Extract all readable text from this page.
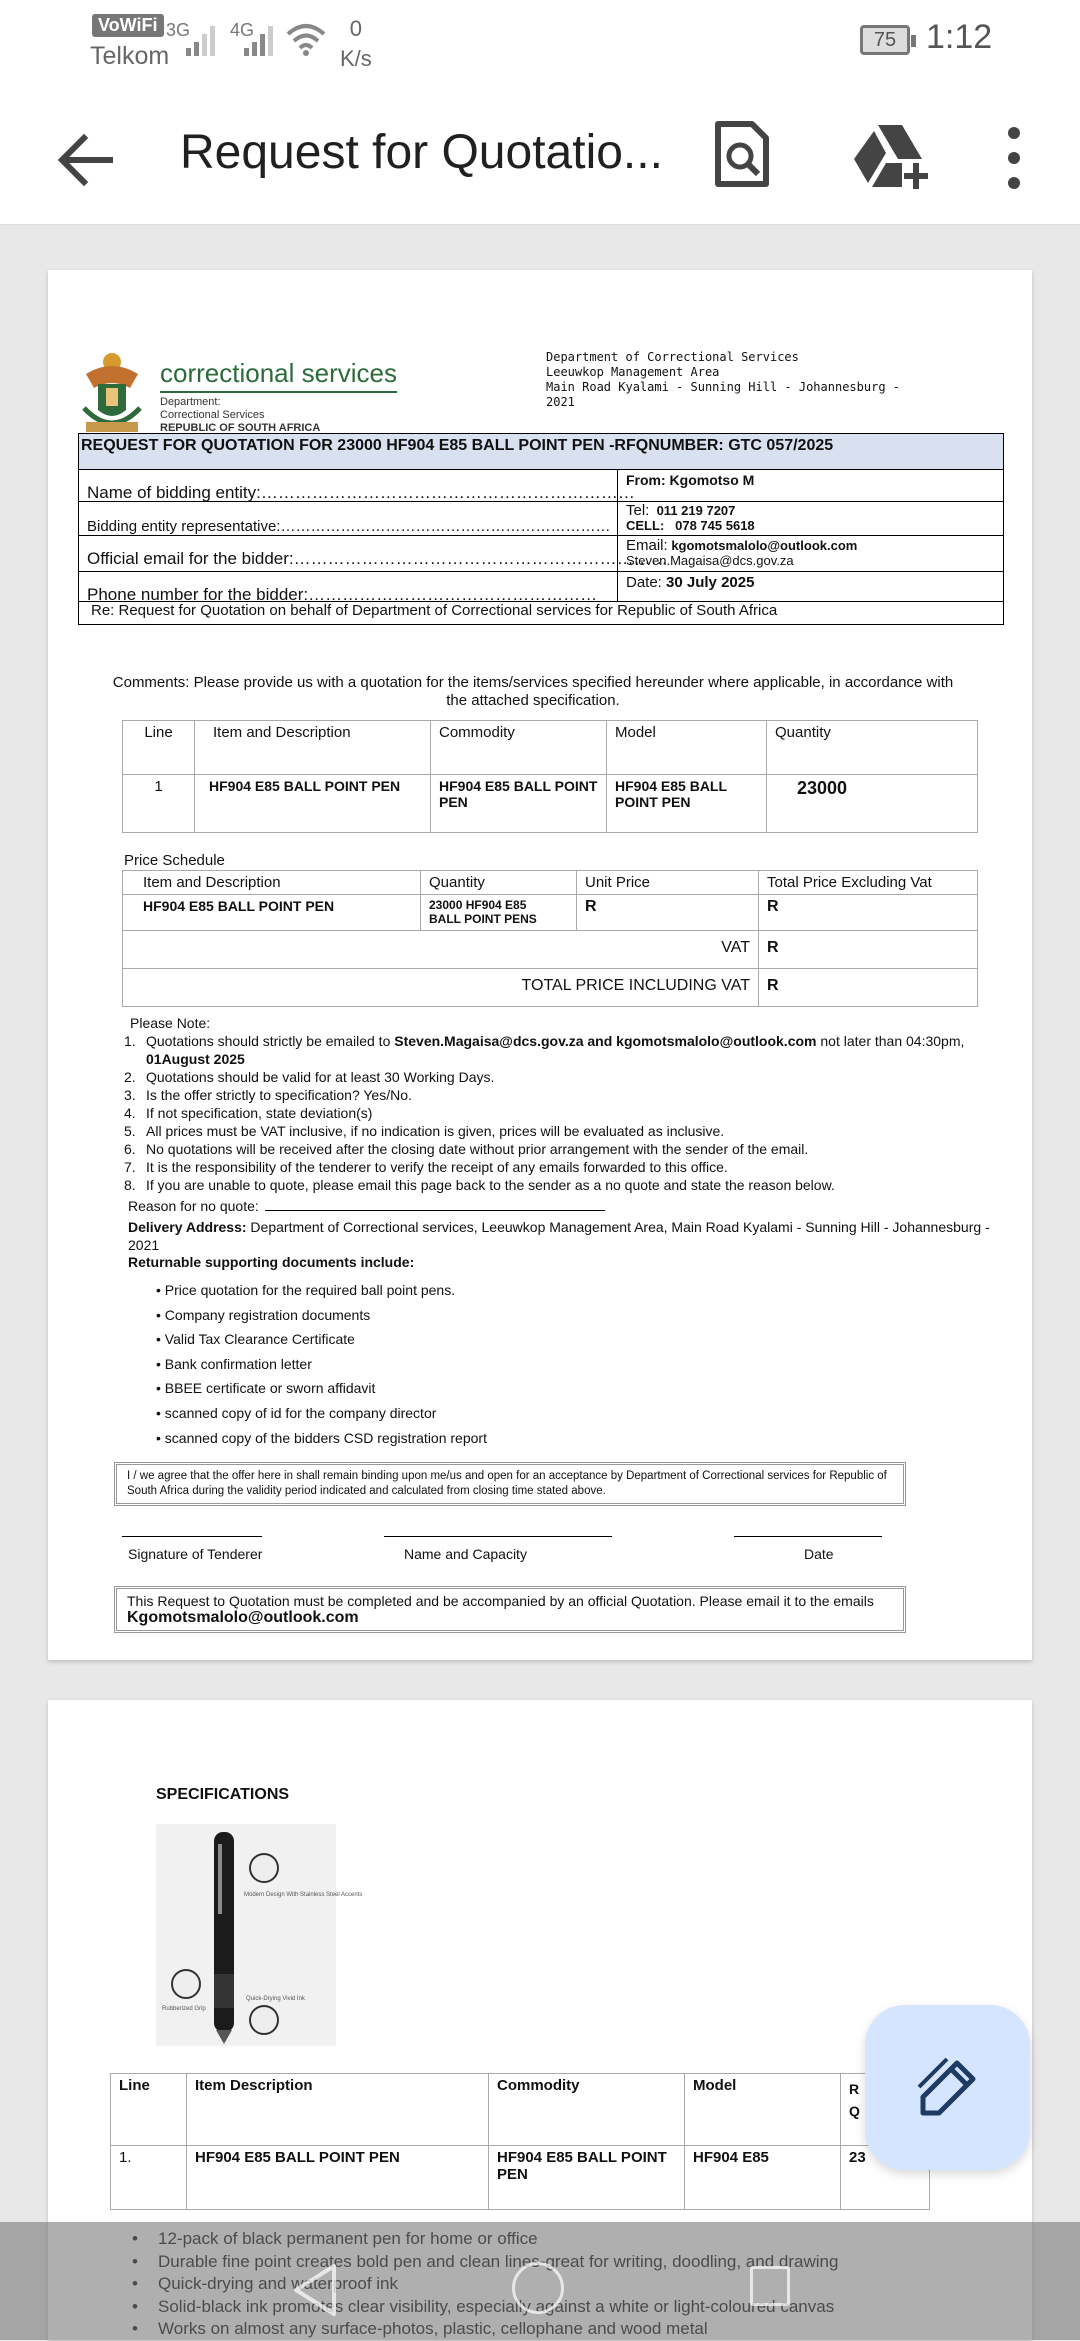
VoWiFi
Telkom
3G 4G	0
K/s
75 1:12
Request for Quotatio...
correctional services
Department:
Correctional Services
REPUBLIC OF SOUTH AFRICA
Department of Correctional Services
Leeuwkop Management Area
Main Road Kyalami - Sunning Hill - Johannesburg -
2021
REQUEST FOR QUOTATION FOR 23000 HF904 E85 BALL POINT PEN -RFQNUMBER: GTC 057/2025
Name of bidding entity:…………………………………………………………
From: Kgomotso M
Bidding entity representative:…………………………………………………………
Tel: 011 219 7207
CELL: 078 745 5618
Official email for the bidder:…………………………………………………………
Email: kgomotsmalolo@outlook.com
Steven.Magaisa@dcs.gov.za
Phone number for the bidder:……………………………………………
Date: 30 July 2025
Re: Request for Quotation on behalf of Department of Correctional services for Republic of South Africa
Comments: Please provide us with a quotation for the items/services specified hereunder where applicable, in accordance with the attached specification.
Line	Item and Description	Commodity	Model	Quantity
1	HF904 E85 BALL POINT PEN	HF904 E85 BALL POINT PEN	HF904 E85 BALL POINT PEN	23000
Price Schedule
Item and Description	Quantity	Unit Price	Total Price Excluding Vat
HF904 E85 BALL POINT PEN	23000 HF904 E85 BALL POINT PENS	R	R
VAT			R
TOTAL PRICE INCLUDING VAT			R
Please Note:
1. Quotations should strictly be emailed to Steven.Magaisa@dcs.gov.za and kgomotsmalolo@outlook.com not later than 04:30pm, 01August 2025
2. Quotations should be valid for at least 30 Working Days.
3. Is the offer strictly to specification? Yes/No.
4. If not specification, state deviation(s)
5. All prices must be VAT inclusive, if no indication is given, prices will be evaluated as inclusive.
6. No quotations will be received after the closing date without prior arrangement with the sender of the email.
7. It is the responsibility of the tenderer to verify the receipt of any emails forwarded to this office.
8. If you are unable to quote, please email this page back to the sender as a no quote and state the reason below.
Reason for no quote:
Delivery Address: Department of Correctional services, Leeuwkop Management Area, Main Road Kyalami - Sunning Hill - Johannesburg - 2021
Returnable supporting documents include:
• Price quotation for the required ball point pens.
• Company registration documents
• Valid Tax Clearance Certificate
• Bank confirmation letter
• BBEE certificate or sworn affidavit
• scanned copy of id for the company director
• scanned copy of the bidders CSD registration report
I / we agree that the offer here in shall remain binding upon me/us and open for an acceptance by Department of Correctional services for Republic of South Africa during the validity period indicated and calculated from closing time stated above.
Signature of Tenderer	Name and Capacity	Date
This Request to Quotation must be completed and be accompanied by an official Quotation. Please email it to the emails Kgomotsmalolo@outlook.com
SPECIFICATIONS
Modern Design With Stainless Steel Accents
Rubberized Grip
Quick-Drying Vivid Ink
Line	Item Description	Commodity	Model	R
Q

1.	HF904 E85 BALL POINT PEN	HF904 E85 BALL POINT PEN	HF904 E85	23
•
•
•
•
•
